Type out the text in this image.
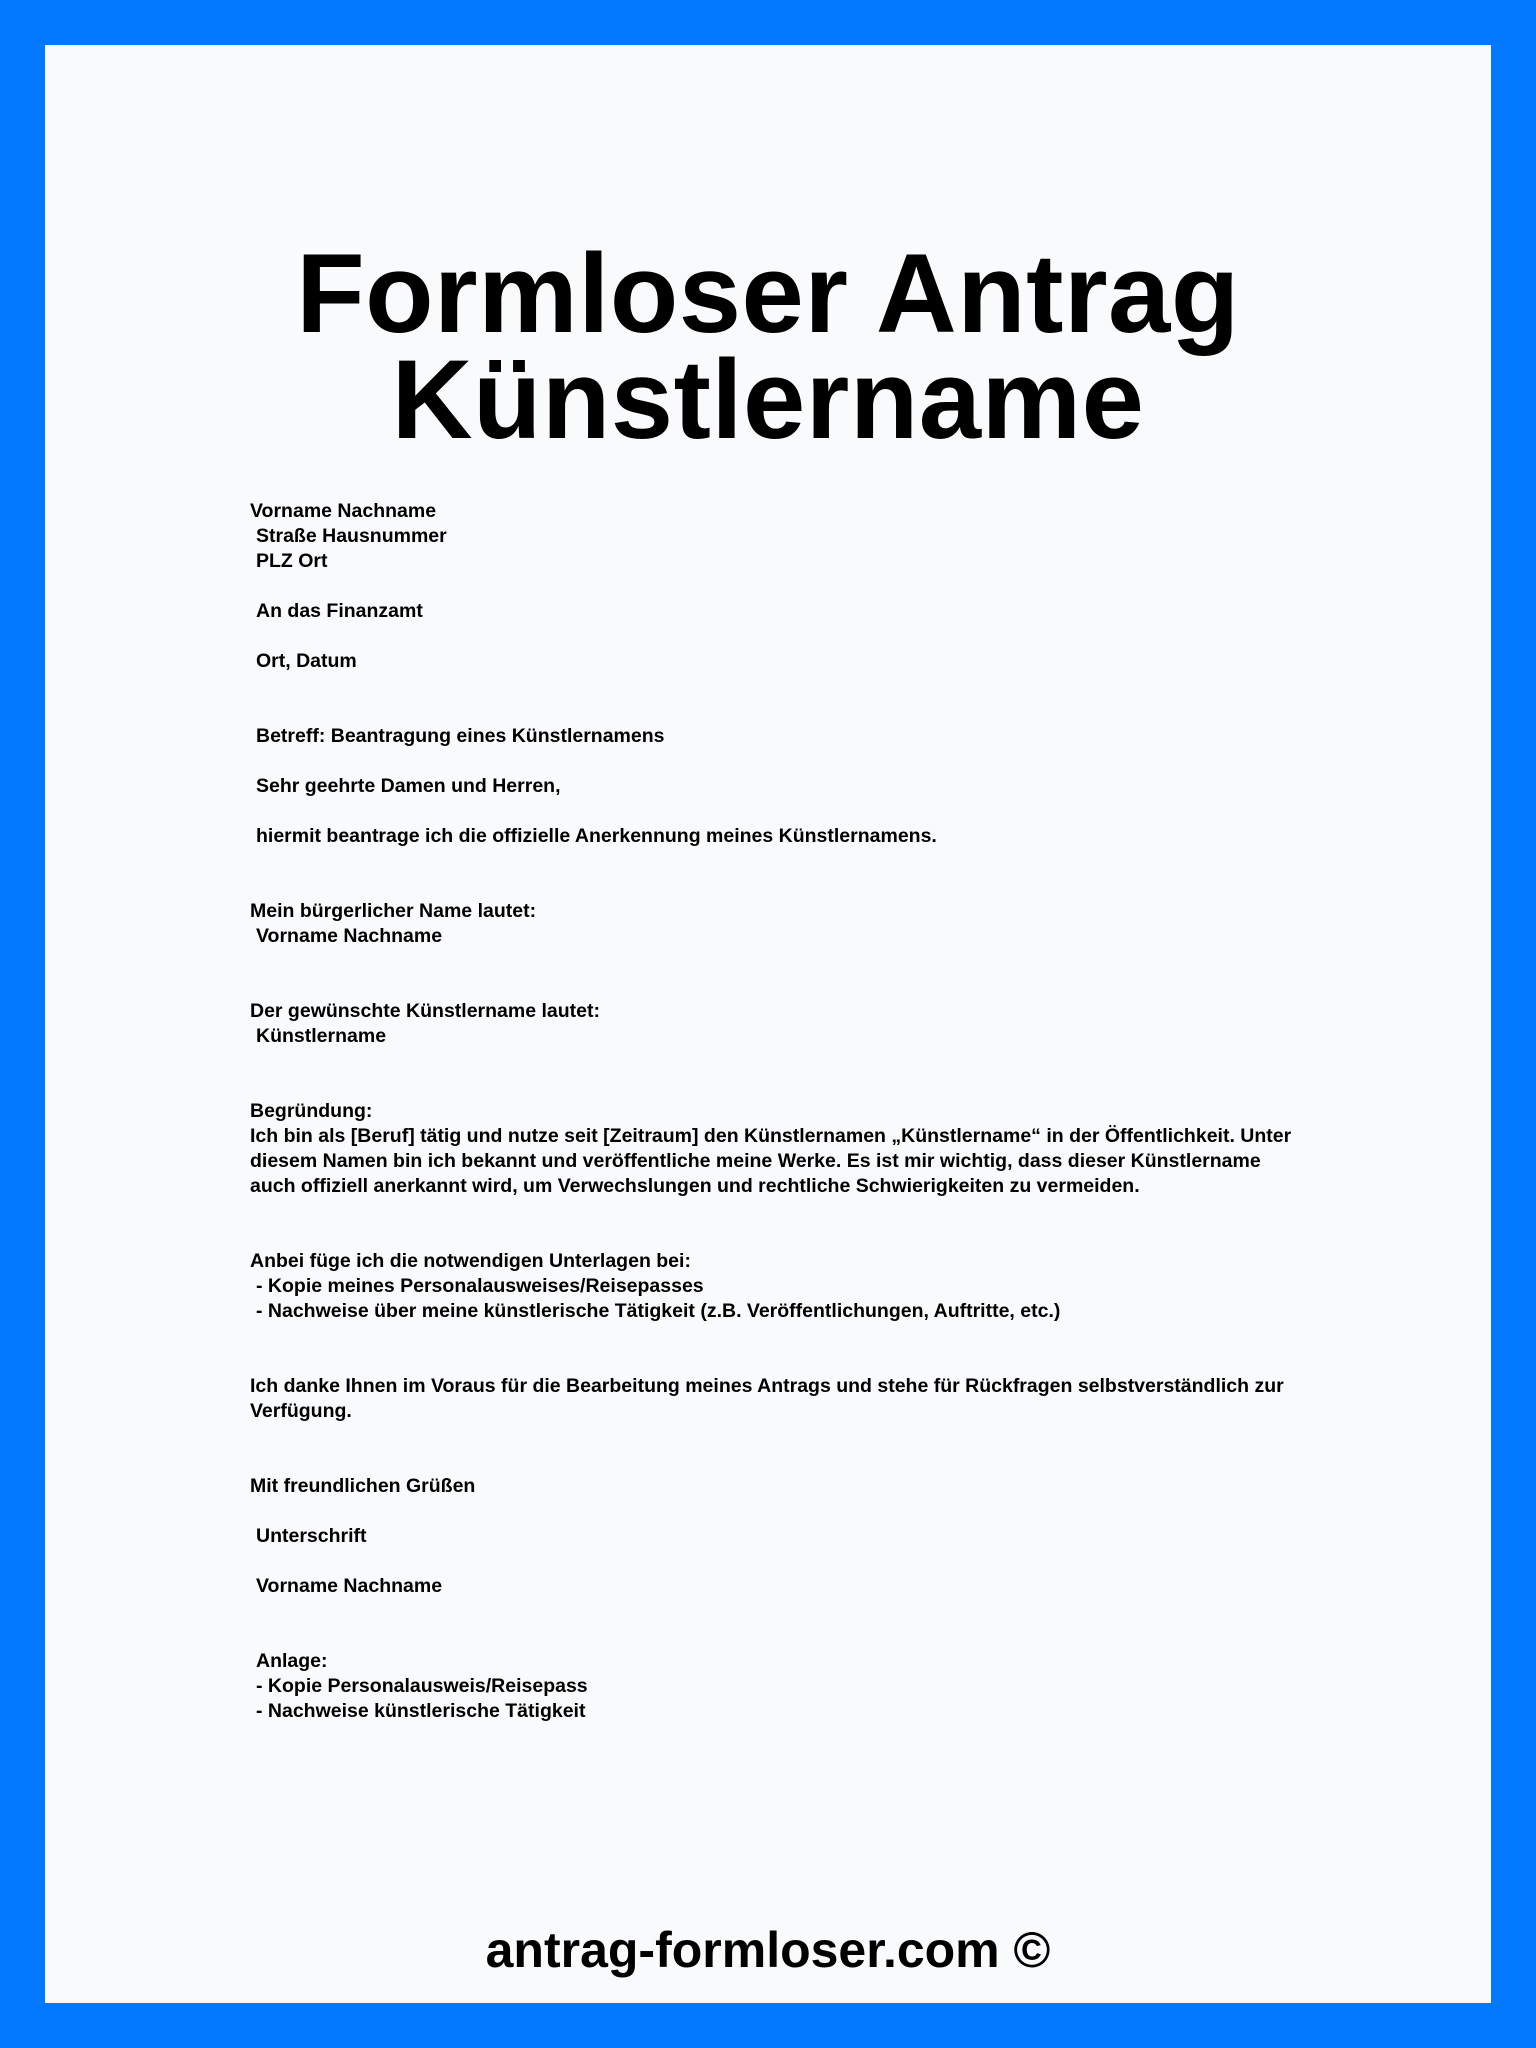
Formloser Antrag
Künstlername
Vorname Nachname
Straße Hausnummer
PLZ Ort
An das Finanzamt
Ort, Datum
Betreff: Beantragung eines Künstlernamens
Sehr geehrte Damen und Herren,
hiermit beantrage ich die offizielle Anerkennung meines Künstlernamens.
Mein bürgerlicher Name lautet:
Vorname Nachname
Der gewünschte Künstlername lautet:
Künstlername
Begründung:
Ich bin als [Beruf] tätig und nutze seit [Zeitraum] den Künstlernamen „Künstlername“ in der Öffentlichkeit. Unter diesem Namen bin ich bekannt und veröffentliche meine Werke. Es ist mir wichtig, dass dieser Künstlername auch offiziell anerkannt wird, um Verwechslungen und rechtliche Schwierigkeiten zu vermeiden.
Anbei füge ich die notwendigen Unterlagen bei:
- Kopie meines Personalausweises/Reisepasses
- Nachweise über meine künstlerische Tätigkeit (z.B. Veröffentlichungen, Auftritte, etc.)
Ich danke Ihnen im Voraus für die Bearbeitung meines Antrags und stehe für Rückfragen selbstverständlich zur Verfügung.
Mit freundlichen Grüßen
Unterschrift
Vorname Nachname
Anlage:
- Kopie Personalausweis/Reisepass
- Nachweise künstlerische Tätigkeit

antrag-formloser.com ©
